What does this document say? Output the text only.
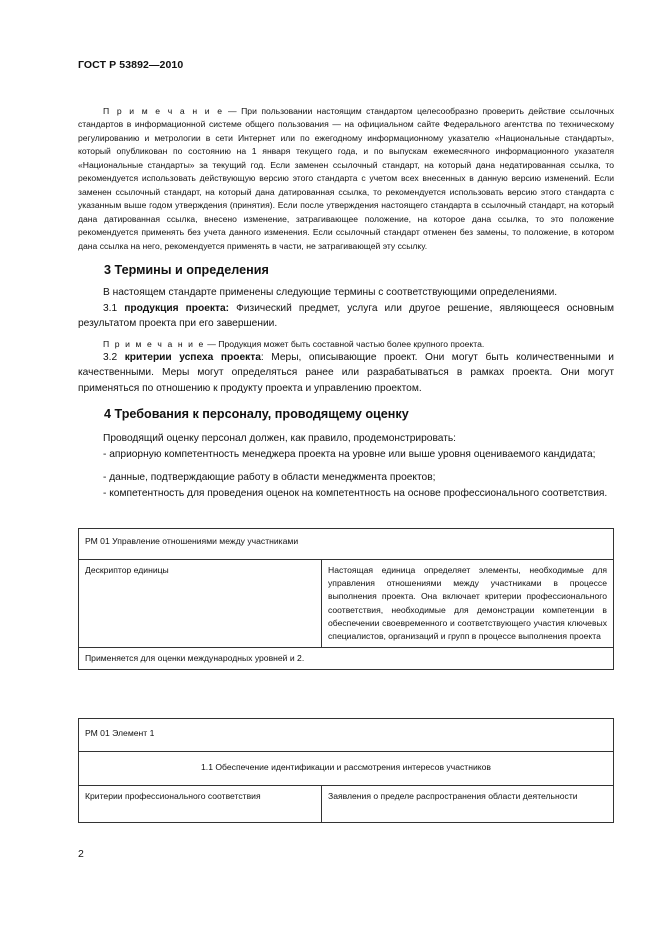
ГОСТ Р 53892—2010
П р и м е ч а н и е — При пользовании настоящим стандартом целесообразно проверить действие ссылочных стандартов в информационной системе общего пользования — на официальном сайте Федерального агентства по техническому регулированию и метрологии в сети Интернет или по ежегодному информационному указателю «Национальные стандарты», который опубликован по состоянию на 1 января текущего года, и по выпускам ежемесячного информационного указателя «Национальные стандарты» за текущий год. Если заменен ссылочный стандарт, на который дана недатированная ссылка, то рекомендуется использовать действующую версию этого стандарта с учетом всех внесенных в данную версию изменений. Если заменен ссылочный стандарт, на который дана датированная ссылка, то рекомендуется использовать версию этого стандарта с указанным выше годом утверждения (принятия). Если после утверждения настоящего стандарта в ссылочный стандарт, на который дана датированная ссылка, внесено изменение, затрагивающее положение, на которое дана ссылка, то это положение рекомендуется применять без учета данного изменения. Если ссылочный стандарт отменен без замены, то положение, в котором дана ссылка на него, рекомендуется применять в части, не затрагивающей эту ссылку.
3 Термины и определения
В настоящем стандарте применены следующие термины с соответствующими определениями.
3.1 продукция проекта: Физический предмет, услуга или другое решение, являющееся основным результатом проекта при его завершении.
П р и м е ч а н и е — Продукция может быть составной частью более крупного проекта.
3.2 критерии успеха проекта: Меры, описывающие проект. Они могут быть количественными и качественными. Меры могут определяться ранее или разрабатываться в рамках проекта. Они могут применяться по отношению к продукту проекта и управлению проектом.
4 Требования к персоналу, проводящему оценку
Проводящий оценку персонал должен, как правило, продемонстрировать:
- априорную компетентность менеджера проекта на уровне или выше уровня оцениваемого кандидата;
- данные, подтверждающие работу в области менеджмента проектов;
- компетентность для проведения оценок на компетентность на основе профессионального соответствия.
РМ 01 Управление отношениями между участниками
Дескриптор единицы	Настоящая единица определяет элементы, необходимые для управления отношениями между участниками в процессе выполнения проекта. Она включает критерии профессионального соответствия, необходимые для демонстрации компетенции в обеспечении своевременного и соответствующего участия ключевых специалистов, организаций и групп в процессе выполнения проекта
Применяется для оценки международных уровней и 2.
РМ 01 Элемент 1
1.1 Обеспечение идентификации и рассмотрения интересов участников
Критерии профессионального соответствия	Заявления о пределе распространения области деятельности
2
